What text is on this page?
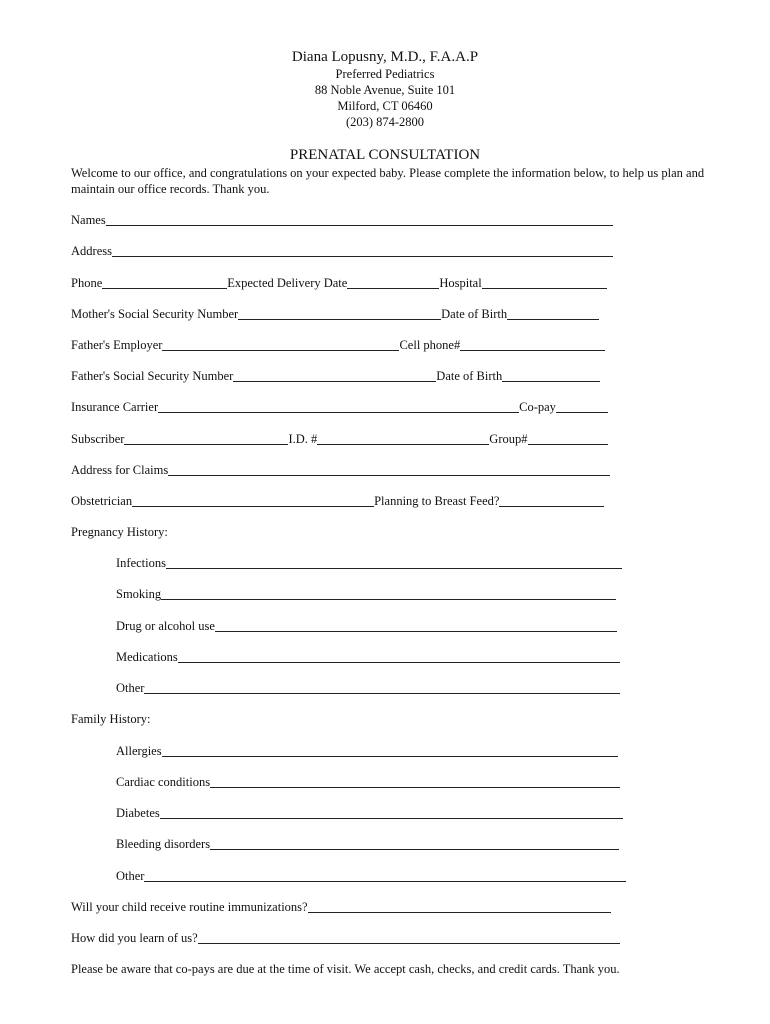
Diana Lopusny, M.D., F.A.A.P
Preferred Pediatrics
88 Noble Avenue, Suite 101
Milford, CT 06460
(203) 874-2800
PRENATAL CONSULTATION
Welcome to our office, and congratulations on your expected baby. Please complete the information below, to help us plan and maintain our office records. Thank you.
Names
Address
Phone	Expected Delivery Date	Hospital
Mother's Social Security Number	Date of Birth
Father's Employer	Cell phone#
Father's Social Security Number	Date of Birth
Insurance Carrier	Co-pay
Subscriber	I.D. #	Group#
Address for Claims
Obstetrician	Planning to Breast Feed?
Pregnancy History:
Infections
Smoking
Drug or alcohol use
Medications
Other
Family History:
Allergies
Cardiac conditions
Diabetes
Bleeding disorders
Other
Will your child receive routine immunizations?
How did you learn of us?
Please be aware that co-pays are due at the time of visit. We accept cash, checks, and credit cards. Thank you.
